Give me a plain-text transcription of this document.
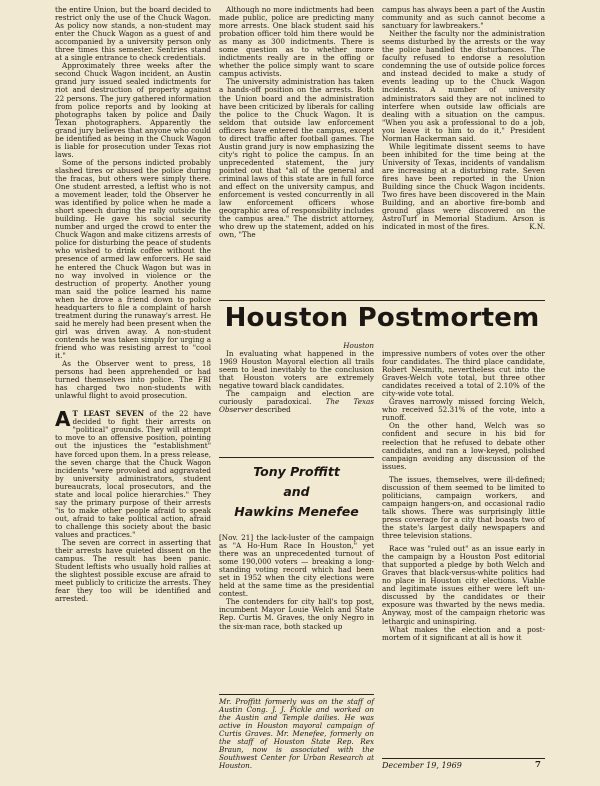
the entire Union, but the board decided to restrict only the use of the Chuck Wagon. As policy now stands, a non-student may enter the Chuck Wagon as a guest of and accompanied by a university person only three times this semester. Sentries stand at a single entrance to check credentials.

Approximately three weeks after the second Chuck Wagon incident, an Austin grand jury issued sealed indictments for riot and destruction of property against 22 persons. The jury gathered information from police reports and by looking at photographs taken by police and Daily Texan photographers. Apparently the grand jury believes that anyone who could be identified as being in the Chuck Wagon is liable for prosecution under Texas riot laws.

Some of the persons indicted probably slashed tires or abused the police during the fracas, but others were simply there. One student arrested, a leftist who is not a movement leader, told the Observer he was identified by police when he made a short speech during the rally outside the building. He gave his social security number and urged the crowd to enter the Chuck Wagon and make citizens arrests of police for disturbing the peace of students who wished to drink coffee without the presence of armed law enforcers. He said he entered the Chuck Wagon but was in no way involved in violence or the destruction of property. Another young man said the police learned his name when he drove a friend down to police headquarters to file a complaint of harsh treatment during the runaway's arrest. He said he merely had been present when the girl was driven away. A non-student contends he was taken simply for urging a friend who was resisting arrest to "cool it."

As the Observer went to press, 18 persons had been apprehended or had turned themselves into police. The FBI has charged two non-students with unlawful flight to avoid prosecution.

A T LEAST SEVEN of the 22 have decided to fight their arrests on "political" grounds. They will attempt to move to an offensive position, pointing out the injustices the "establishment" have forced upon them. In a press release, the seven charge that the Chuck Wagon incidents "were provoked and aggravated by university administrators, student bureaucrats, local prosecutors, and the state and local police hierarchies." They say the primary purpose of their arrests "is to make other people afraid to speak out, afraid to take political action, afraid to challenge this society about the basic values and practices."

The seven are correct in asserting that their arrests have quieted dissent on the campus. The result has been panic. Student leftists who usually hold rallies at the slightest possible excuse are afraid to meet publicly to criticize the arrests. They fear they too will be identified and arrested.

Although no more indictments had been made public, police are predicting many more arrests. One black student said his probation officer told him there would be as many as 300 indictments. There is some question as to whether more indictments really are in the offing or whether the police simply want to scare campus activists.

The university administration has taken a hands-off position on the arrests. Both the Union board and the administration have been criticized by liberals for calling the police to the Chuck Wagon. It is seldom that outside law enforcement officers have entered the campus, except to direct traffic after football games. The Austin grand jury is now emphasizing the city's right to police the campus. In an unprecedented statement, the jury pointed out that "all of the general and criminal laws of this state are in full force and effect on the university campus, and enforcement is vested concurrently in all law enforcement officers whose geographic area of responsibility includes the campus area." The district attorney, who drew up the statement, added on his own, "The

campus has always been a part of the Austin community and as such cannot become a sanctuary for lawbreakers."

Neither the faculty nor the administration seems disturbed by the arrests or the way the police handled the disturbances. The faculty refused to endorse a resolution condemning the use of outside police forces and instead decided to make a study of events leading up to the Chuck Wagon incidents. A number of university administrators said they are not inclined to interfere when outside law officials are dealing with a situation on the campus. "When you ask a professional to do a job, you leave it to him to do it," President Norman Hackerman said.

While legitimate dissent seems to have been inhibited for the time being at the University of Texas, incidents of vandalism are increasing at a disturbing rate. Seven fires have been reported in the Union Building since the Chuck Wagon incidents. Two fires have been discovered in the Main Building, and an abortive fire-bomb and ground glass were discovered on the AstroTurf in Memorial Stadium. Arson is indicated in most of the fires.	K.N.

Houston Postmortem
Houston

In evaluating what happened in the 1969 Houston Mayoral election all trails seem to lead inevitably to the conclusion that Houston voters are extremely negative toward black candidates.

The campaign and election are curiously paradoxical. The Texas Observer described

Tony Proffitt
and
Hawkins Menefee

[Nov. 21] the lack-luster of the campaign as "A Ho-Hum Race In Houston," yet there was an unprecedented turnout of some 190,000 voters — breaking a long-standing voting record which had been set in 1952 when the city elections were held at the same time as the presidential contest.

The contenders for city hall's top post, incumbent Mayor Louie Welch and State Rep. Curtis M. Graves, the only Negro in the six-man race, both stacked up

Mr. Proffitt formerly was on the staff of Austin Cong. J. J. Pickle and worked on the Austin and Temple dailies. He was active in Houston mayoral campaign of Curtis Graves. Mr. Menefee, formerly on the staff of Houston State Rep. Rex Braun, now is associated with the Southwest Center for Urban Research at Houston.

impressive numbers of votes over the other four candidates. The third place candidate, Robert Nesmith, nevertheless cut into the Graves-Welch vote total, but three other candidates received a total of 2.10% of the city-wide vote total.

Graves narrowly missed forcing Welch, who received 52.31% of the vote, into a runoff.

On the other hand, Welch was so confident and secure in his bid for reelection that he refused to debate other candidates, and ran a low-keyed, polished campaign avoiding any discussion of the issues.

The issues, themselves, were ill-defined; discussion of them seemed to be limited to politicians, campaign workers, and campaign hangers-on, and occasional radio talk shows. There was surprisingly little press coverage for a city that boasts two of the state's largest daily newspapers and three television stations.

Race was "ruled out" as an issue early in the campaign by a Houston Post editorial that supported a pledge by both Welch and Graves that black-versus-white politics had no place in Houston city elections. Viable and legitimate issues either were left un-discussed by the candidates or their exposure was thwarted by the news media. Anyway, most of the campaign rhetoric was lethargic and uninspiring.

What makes the election and a post-mortem of it significant at all is how it

December 19, 1969	7
